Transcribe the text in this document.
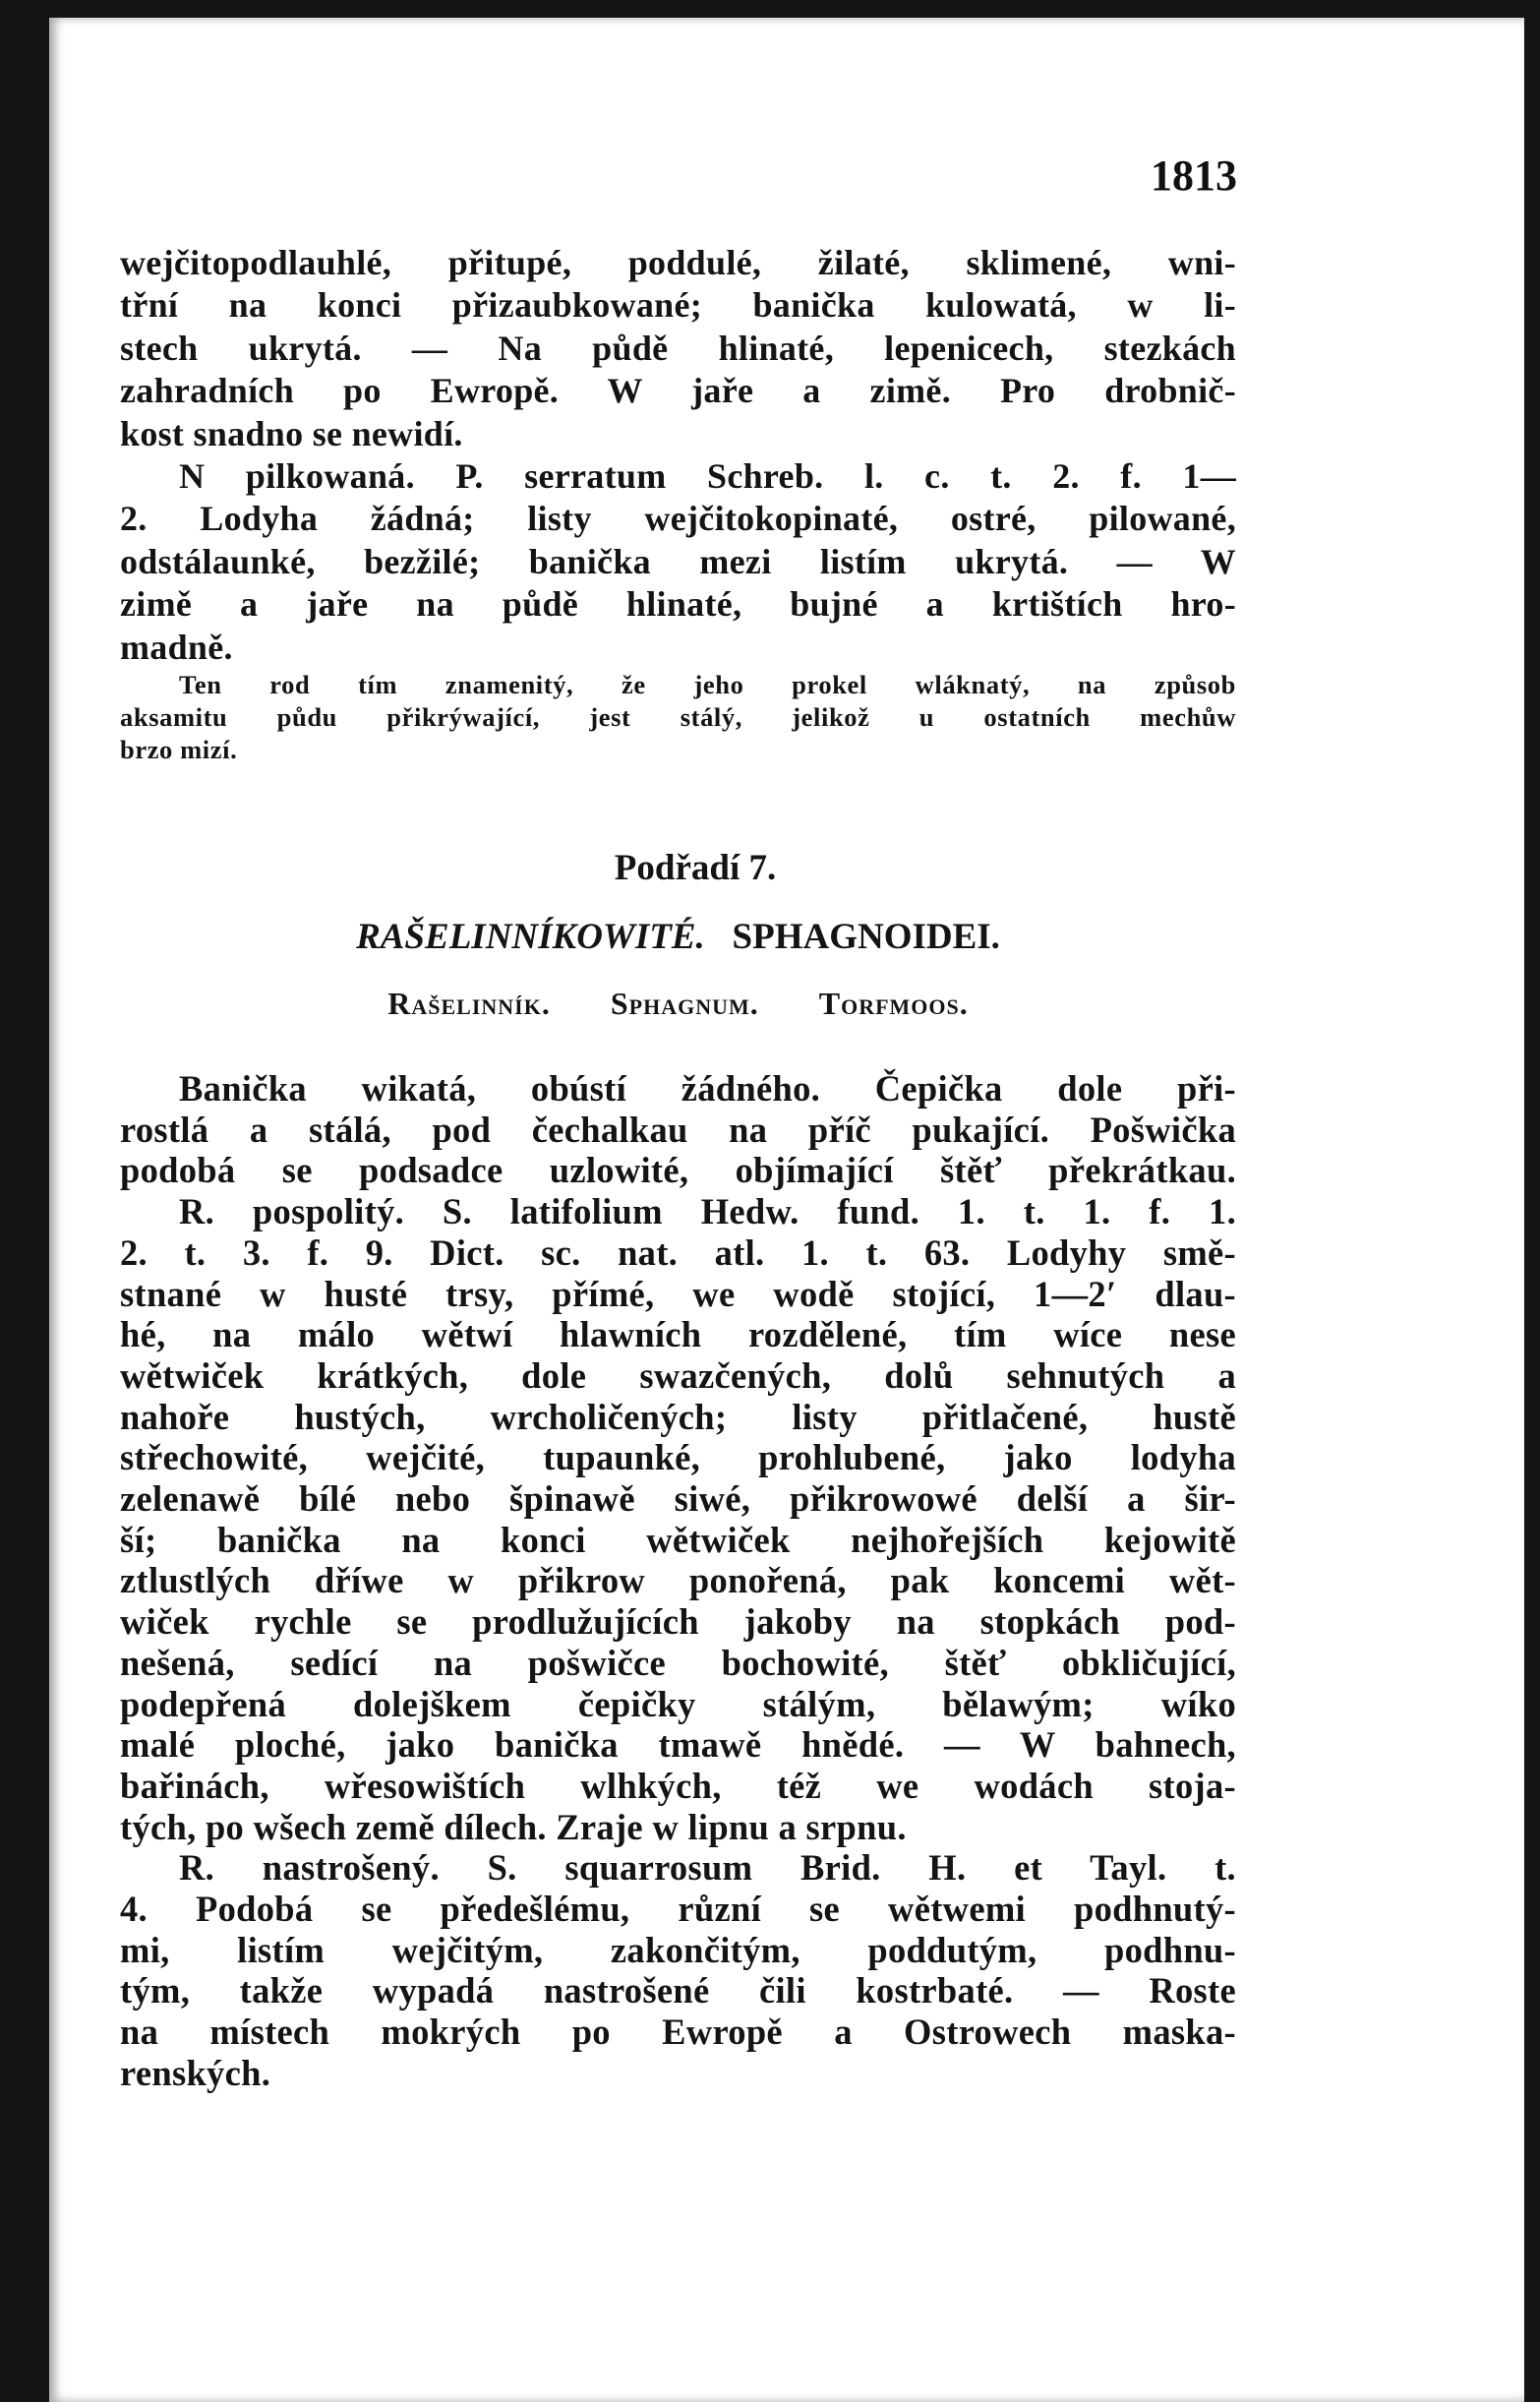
1813
wejčitopodlauhlé, přitupé, poddulé, žilaté, sklimené, wni-
třní na konci přizaubkowané; banička kulowatá, w li-
stech ukrytá. — Na půdě hlinaté, lepenicech, stezkách
zahradních po Ewropě. W jaře a zimě. Pro drobnič-
kost snadno se newidí.
N pilkowaná. P. serratum Schreb. l. c. t. 2. f. 1—
2. Lodyha žádná; listy wejčitokopinaté, ostré, pilowané,
odstálaunké, bezžilé; banička mezi listím ukrytá. — W
zimě a jaře na půdě hlinaté, bujné a krtištích hro-
madně.
Ten rod tím znamenitý, že jeho prokel wláknatý, na způsob
aksamitu půdu přikrýwající, jest stálý, jelikož u ostatních mechůw
brzo mizí.
Podřadí 7.
RAŠELINNÍKOWITÉ. SPHAGNOIDEI.
Rašelinník. Sphagnum. Torfmoos.
Banička wikatá, obústí žádného. Čepička dole při-
rostlá a stálá, pod čechalkau na příč pukající. Pošwička
podobá se podsadce uzlowité, objímající štěť překrátkau.
R. pospolitý. S. latifolium Hedw. fund. 1. t. 1. f. 1.
2. t. 3. f. 9. Dict. sc. nat. atl. 1. t. 63. Lodyhy smě-
stnané w husté trsy, přímé, we wodě stojící, 1—2′ dlau-
hé, na málo wětwí hlawních rozdělené, tím wíce nese
wětwiček krátkých, dole swazčených, dolů sehnutých a
nahoře hustých, wrcholičených; listy přitlačené, hustě
střechowité, wejčité, tupaunké, prohlubené, jako lodyha
zelenawě bílé nebo špinawě siwé, přikrowowé delší a šir-
ší; banička na konci wětwiček nejhořejších kejowitě
ztlustlých dříwe w přikrow ponořená, pak koncemi wět-
wiček rychle se prodlužujících jakoby na stopkách pod-
nešená, sedící na pošwičce bochowité, štěť obkličující,
podepřená dolejškem čepičky stálým, bělawým; wíko
malé ploché, jako banička tmawě hnědé. — W bahnech,
bařinách, wřesowištích wlhkých, též we wodách stoja-
tých, po wšech země dílech. Zraje w lipnu a srpnu.
R. nastrošený. S. squarrosum Brid. H. et Tayl. t.
4. Podobá se předešlému, různí se wětwemi podhnutý-
mi, listím wejčitým, zakončitým, poddutým, podhnu-
tým, takže wypadá nastrošené čili kostrbaté. — Roste
na místech mokrých po Ewropě a Ostrowech maska-
renských.
